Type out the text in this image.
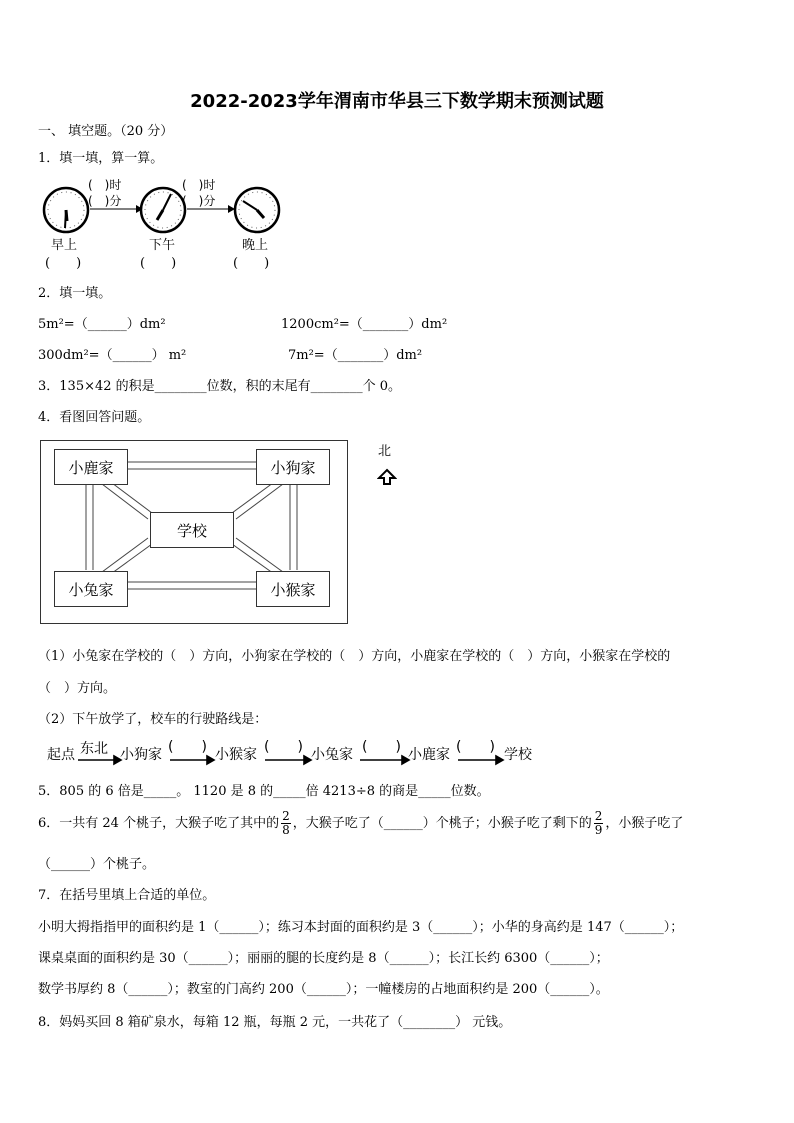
2022-2023学年渭南市华县三下数学期末预测试题
一、 填空题。（20 分）
1．填一填，算一算。
(　)时
(　)分
(　)时
(　)分
早上	下午	晚上
(　　)	(　　)	(　　)
2．填一填。
5m²=（______）dm²	1200cm²=（_______）dm²
300dm²=（______） m²	7m²=（_______）dm²
3．135×42 的积是________位数，积的末尾有________个 0。
4．看图回答问题。
小鹿家	小狗家
学校
小兔家	小猴家
北
（1）小兔家在学校的（　）方向，小狗家在学校的（　）方向，小鹿家在学校的（　）方向，小猴家在学校的
（　）方向。
（2）下午放学了，校车的行驶路线是：
起点 东北 小狗家 (　　) 小猴家 (　　) 小兔家 (　　) 小鹿家 (　　) 学校
5．805 的 6 倍是_____。 1120 是 8 的_____倍 4213÷8 的商是_____位数。
6．一共有 24 个桃子，大猴子吃了其中的 $\frac{2}{8}$ ，大猴子吃了（______）个桃子；小猴子吃了剩下的 $\frac{2}{9}$ ，小猴子吃了
（______）个桃子。
7．在括号里填上合适的单位。
小明大拇指指甲的面积约是 1（______）；练习本封面的面积约是 3（______）；小华的身高约是 147（______）；
课桌桌面的面积约是 30（______）；丽丽的腿的长度约是 8（______）；长江长约 6300（______）；
数学书厚约 8（______）；教室的门高约 200（______）；一幢楼房的占地面积约是 200（______）。
8．妈妈买回 8 箱矿泉水，每箱 12 瓶，每瓶 2 元，一共花了（________） 元钱。
